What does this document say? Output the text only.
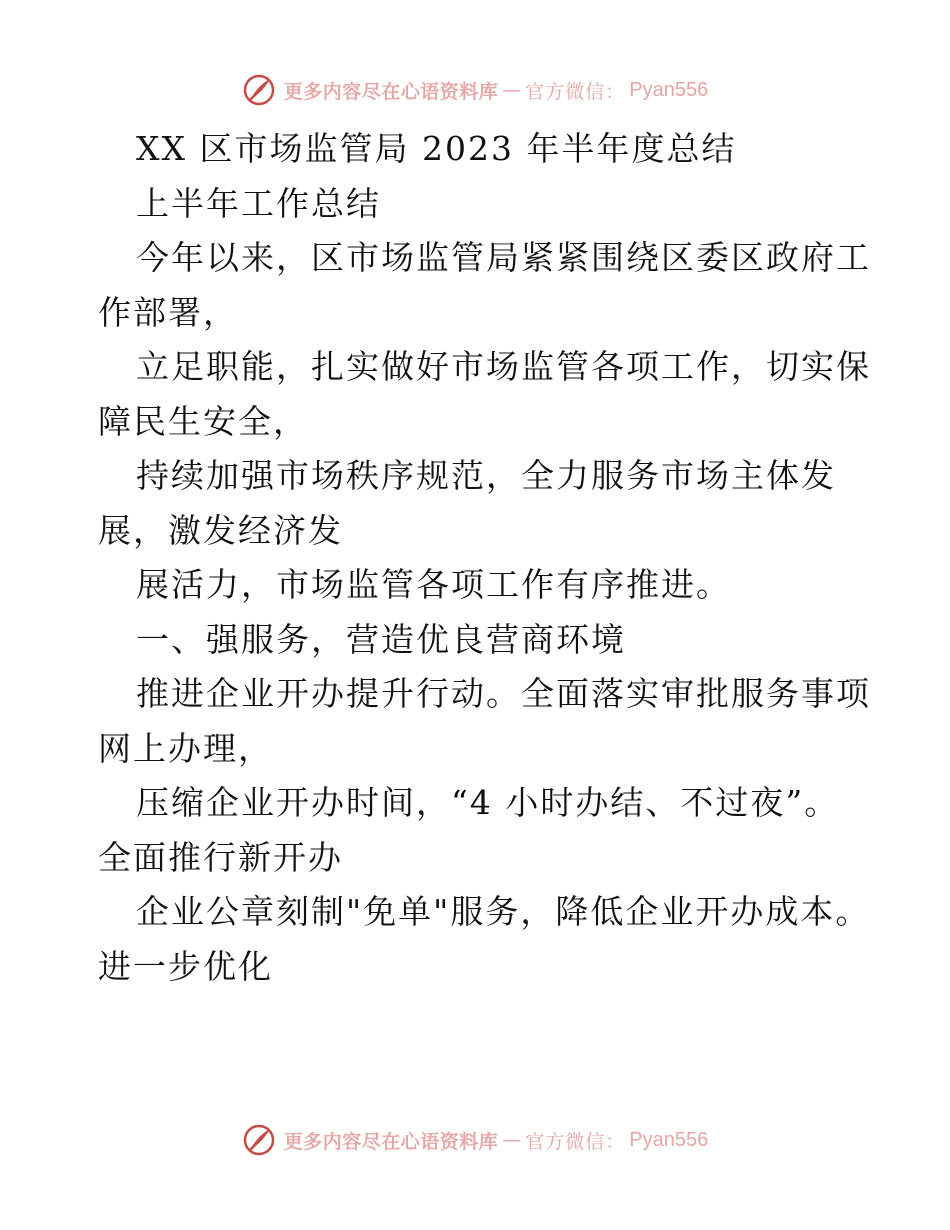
更多内容尽在心语资料库 — 官方微信： Pyan556
XX 区市场监管局 2023 年半年度总结
上半年工作总结
今年以来，区市场监管局紧紧围绕区委区政府工
作部署，
立足职能，扎实做好市场监管各项工作，切实保
障民生安全，
持续加强市场秩序规范，全力服务市场主体发
展，激发经济发
展活力，市场监管各项工作有序推进。
一、强服务，营造优良营商环境
推进企业开办提升行动。全面落实审批服务事项
网上办理，
压缩企业开办时间，“4 小时办结、不过夜”。
全面推行新开办
企业公章刻制"免单"服务，降低企业开办成本。
进一步优化
更多内容尽在心语资料库 — 官方微信： Pyan556
